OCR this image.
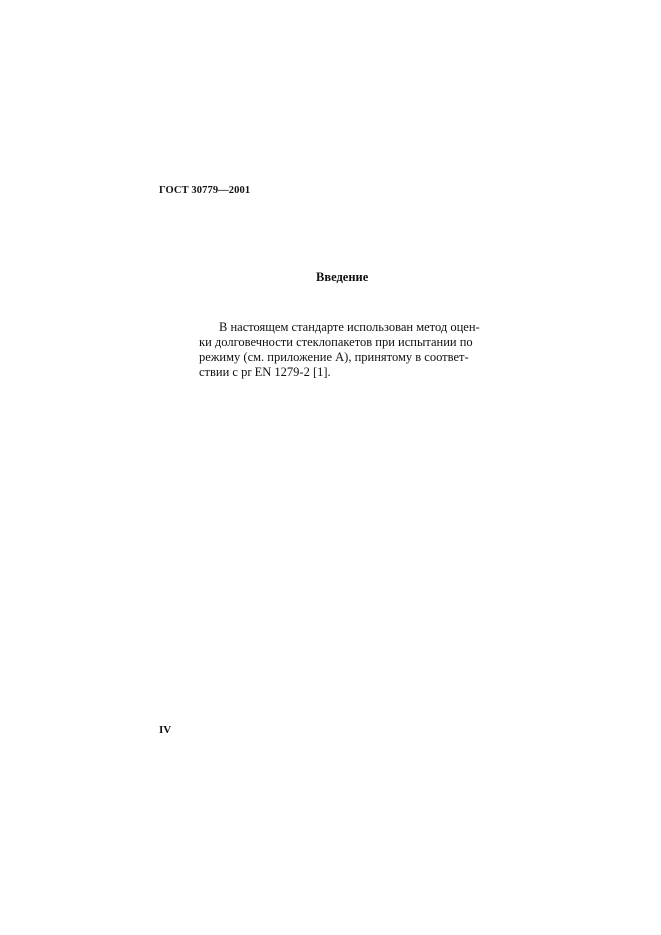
ГОСТ 30779—2001
Введение
В настоящем стандарте использован метод оцен-
ки долговечности стеклопакетов при испытании по
режиму (см. приложение А), принятому в соответ-
ствии с pr EN 1279-2 [1].
IV
